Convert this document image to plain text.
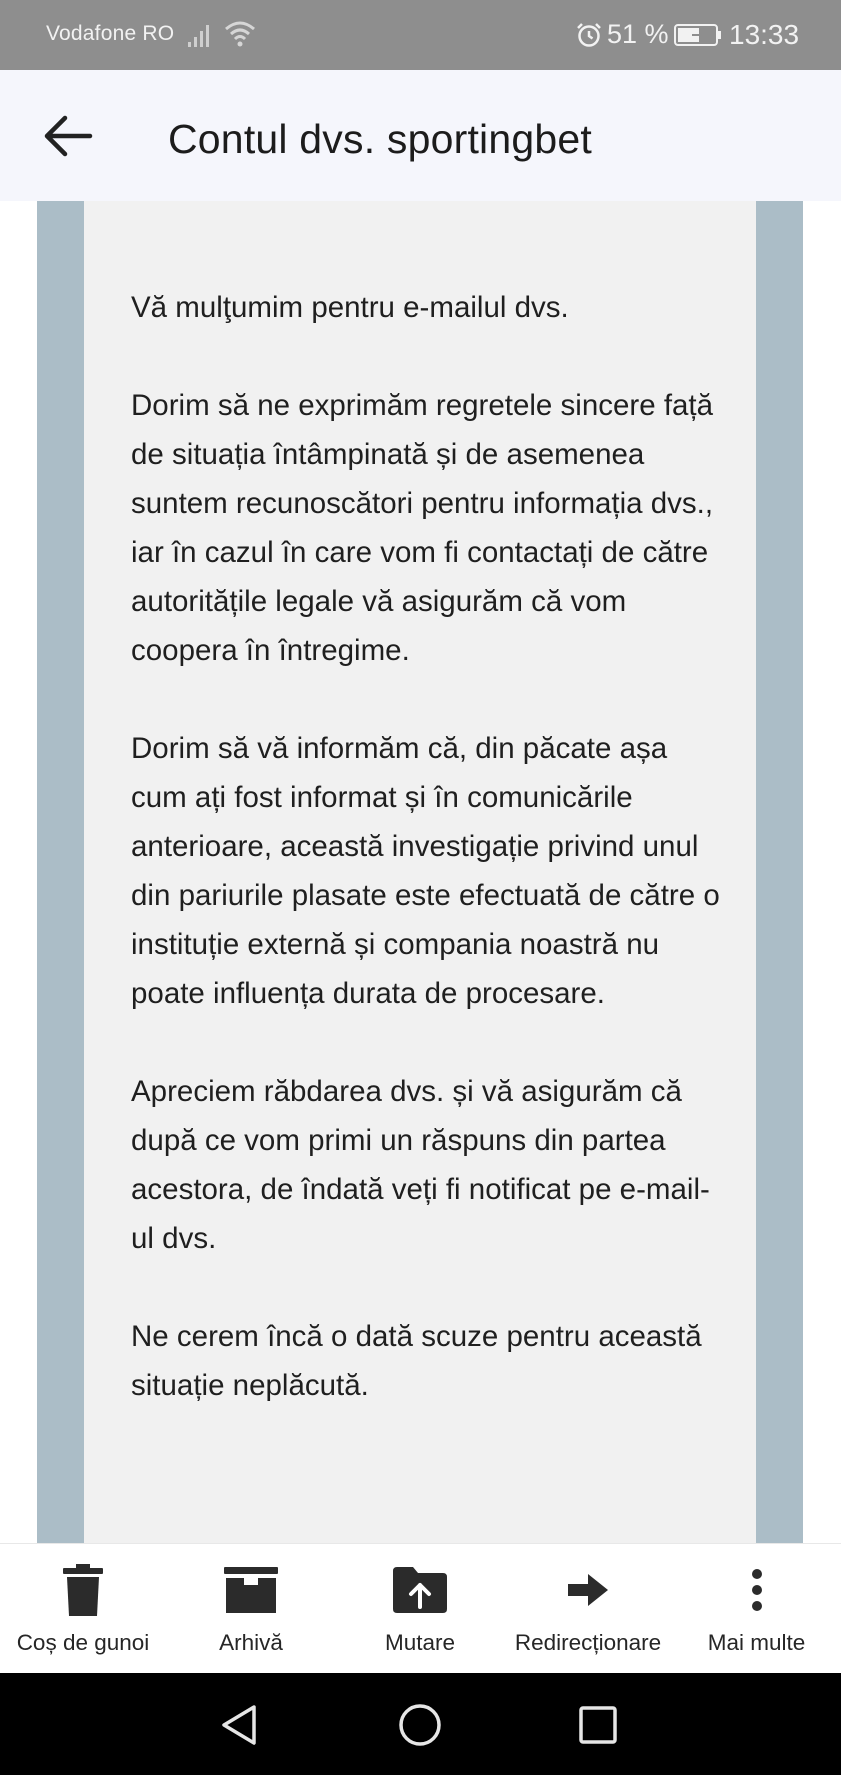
Vodafone RO	51 % 13:33
Contul dvs. sportingbet

Vă mulţumim pentru e-mailul dvs.

Dorim să ne exprimăm regretele sincere față de situația întâmpinată și de asemenea suntem recunoscători pentru informația dvs., iar în cazul în care vom fi contactați de către autoritățile legale vă asigurăm că vom coopera în întregime.

Dorim să vă informăm că, din păcate așa cum ați fost informat și în comunicările anterioare, această investigație privind unul din pariurile plasate este efectuată de către o instituție externă și compania noastră nu poate influența durata de procesare.

Apreciem răbdarea dvs. și vă asigurăm că după ce vom primi un răspuns din partea acestora, de îndată veți fi notificat pe e-mail-ul dvs.

Ne cerem încă o dată scuze pentru această situație neplăcută.

Coș de gunoi	Arhivă	Mutare	Redirecționare Mai multe
